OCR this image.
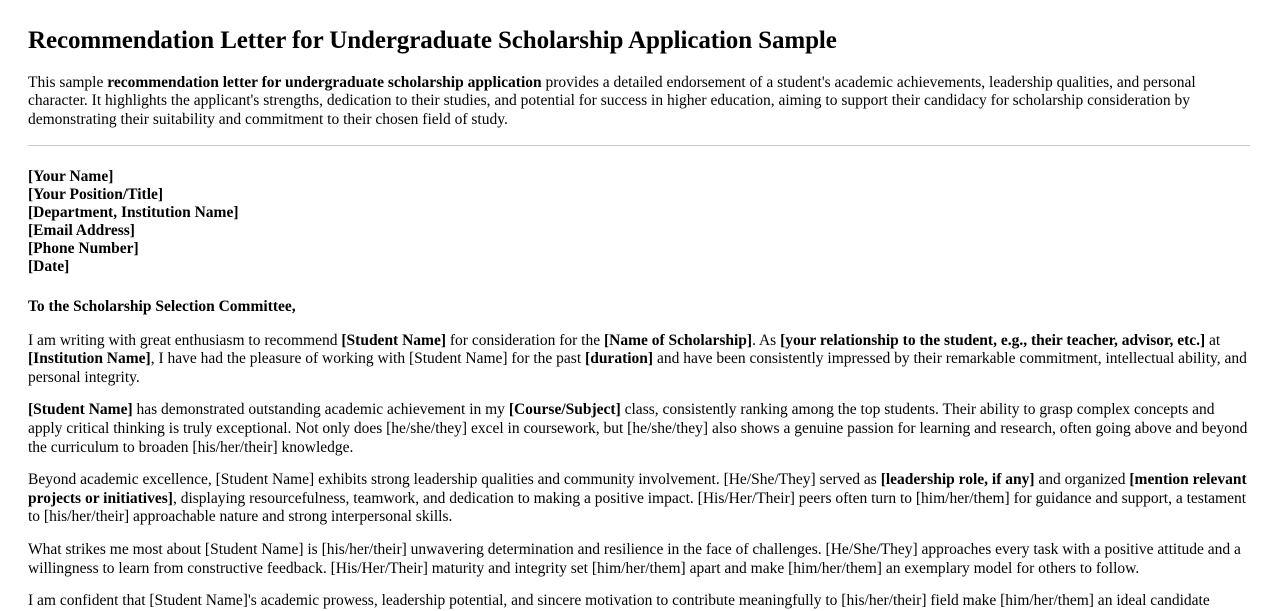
Recommendation Letter for Undergraduate Scholarship Application Sample

This sample recommendation letter for undergraduate scholarship application provides a detailed endorsement of a student's academic achievements, leadership qualities, and personal character. It highlights the applicant's strengths, dedication to their studies, and potential for success in higher education, aiming to support their candidacy for scholarship consideration by demonstrating their suitability and commitment to their chosen field of study.

[Your Name]
[Your Position/Title]
[Department, Institution Name]
[Email Address]
[Phone Number]
[Date]

To the Scholarship Selection Committee,

I am writing with great enthusiasm to recommend [Student Name] for consideration for the [Name of Scholarship]. As [your relationship to the student, e.g., their teacher, advisor, etc.] at [Institution Name], I have had the pleasure of working with [Student Name] for the past [duration] and have been consistently impressed by their remarkable commitment, intellectual ability, and personal integrity.

[Student Name] has demonstrated outstanding academic achievement in my [Course/Subject] class, consistently ranking among the top students. Their ability to grasp complex concepts and apply critical thinking is truly exceptional. Not only does [he/she/they] excel in coursework, but [he/she/they] also shows a genuine passion for learning and research, often going above and beyond the curriculum to broaden [his/her/their] knowledge.

Beyond academic excellence, [Student Name] exhibits strong leadership qualities and community involvement. [He/She/They] served as [leadership role, if any] and organized [mention relevant projects or initiatives], displaying resourcefulness, teamwork, and dedication to making a positive impact. [His/Her/Their] peers often turn to [him/her/them] for guidance and support, a testament to [his/her/their] approachable nature and strong interpersonal skills.

What strikes me most about [Student Name] is [his/her/their] unwavering determination and resilience in the face of challenges. [He/She/They] approaches every task with a positive attitude and a willingness to learn from constructive feedback. [His/Her/Their] maturity and integrity set [him/her/them] apart and make [him/her/them] an exemplary model for others to follow.

I am confident that [Student Name]'s academic prowess, leadership potential, and sincere motivation to contribute meaningfully to [his/her/their] field make [him/her/them] an ideal candidate
